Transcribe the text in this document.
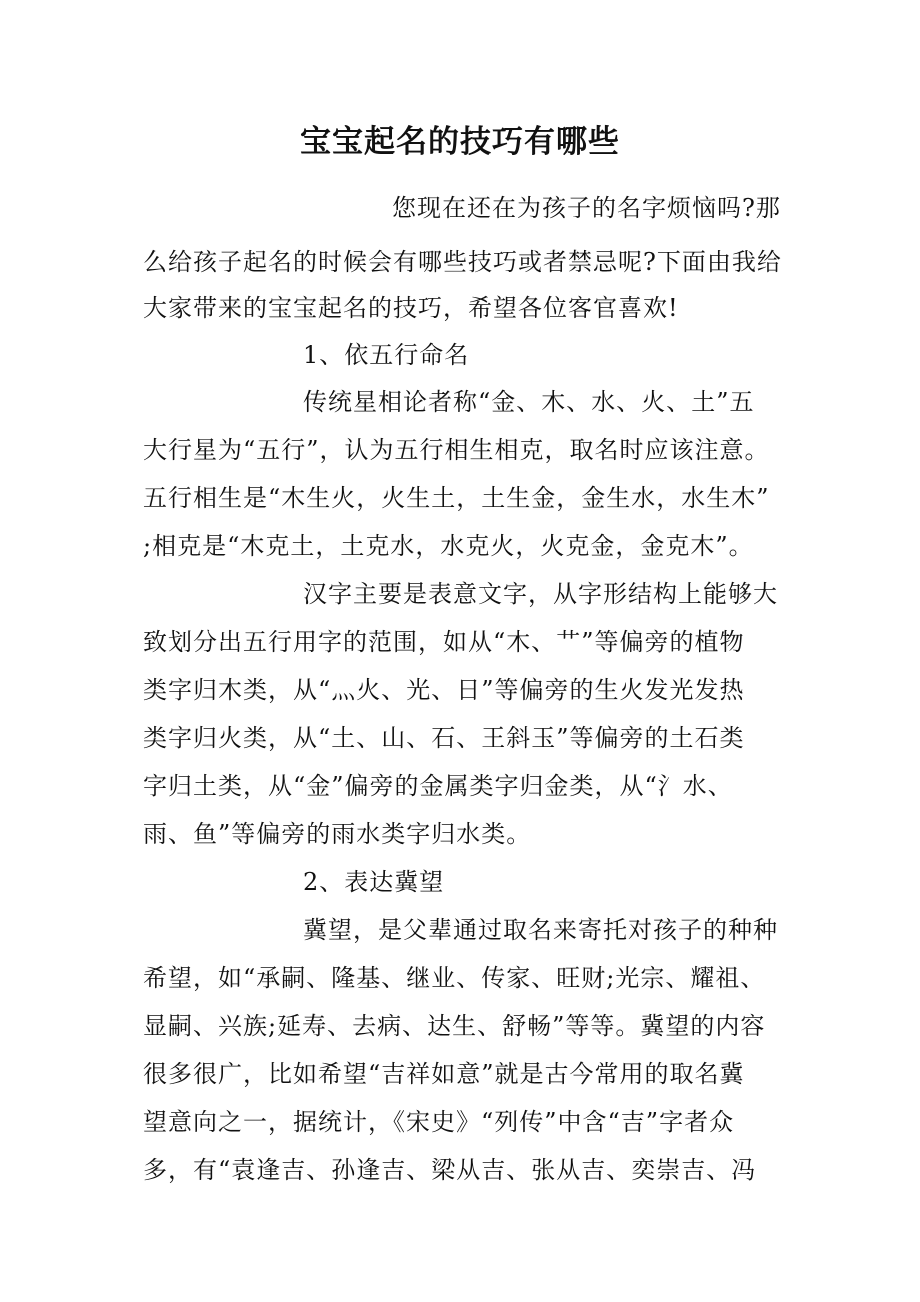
宝宝起名的技巧有哪些
您现在还在为孩子的名字烦恼吗?那
么给孩子起名的时候会有哪些技巧或者禁忌呢?下面由我给
大家带来的宝宝起名的技巧，希望各位客官喜欢!
1、依五行命名
传统星相论者称“金、木、水、火、土”五
大行星为“五行”，认为五行相生相克，取名时应该注意。
五行相生是“木生火，火生土，土生金，金生水，水生木”
;相克是“木克土，土克水，水克火，火克金，金克木”。
汉字主要是表意文字，从字形结构上能够大
致划分出五行用字的范围，如从“木、艹”等偏旁的植物
类字归木类，从“灬火、光、日”等偏旁的生火发光发热
类字归火类，从“土、山、石、王斜玉”等偏旁的土石类
字归土类，从“金”偏旁的金属类字归金类，从“氵水、
雨、鱼”等偏旁的雨水类字归水类。
2、表达冀望
冀望，是父辈通过取名来寄托对孩子的种种
希望，如“承嗣、隆基、继业、传家、旺财;光宗、耀祖、
显嗣、兴族;延寿、去病、达生、舒畅”等等。冀望的内容
很多很广，比如希望“吉祥如意”就是古今常用的取名冀
望意向之一，据统计，《宋史》“列传”中含“吉”字者众
多，有“袁逢吉、孙逢吉、梁从吉、张从吉、奕崇吉、冯
